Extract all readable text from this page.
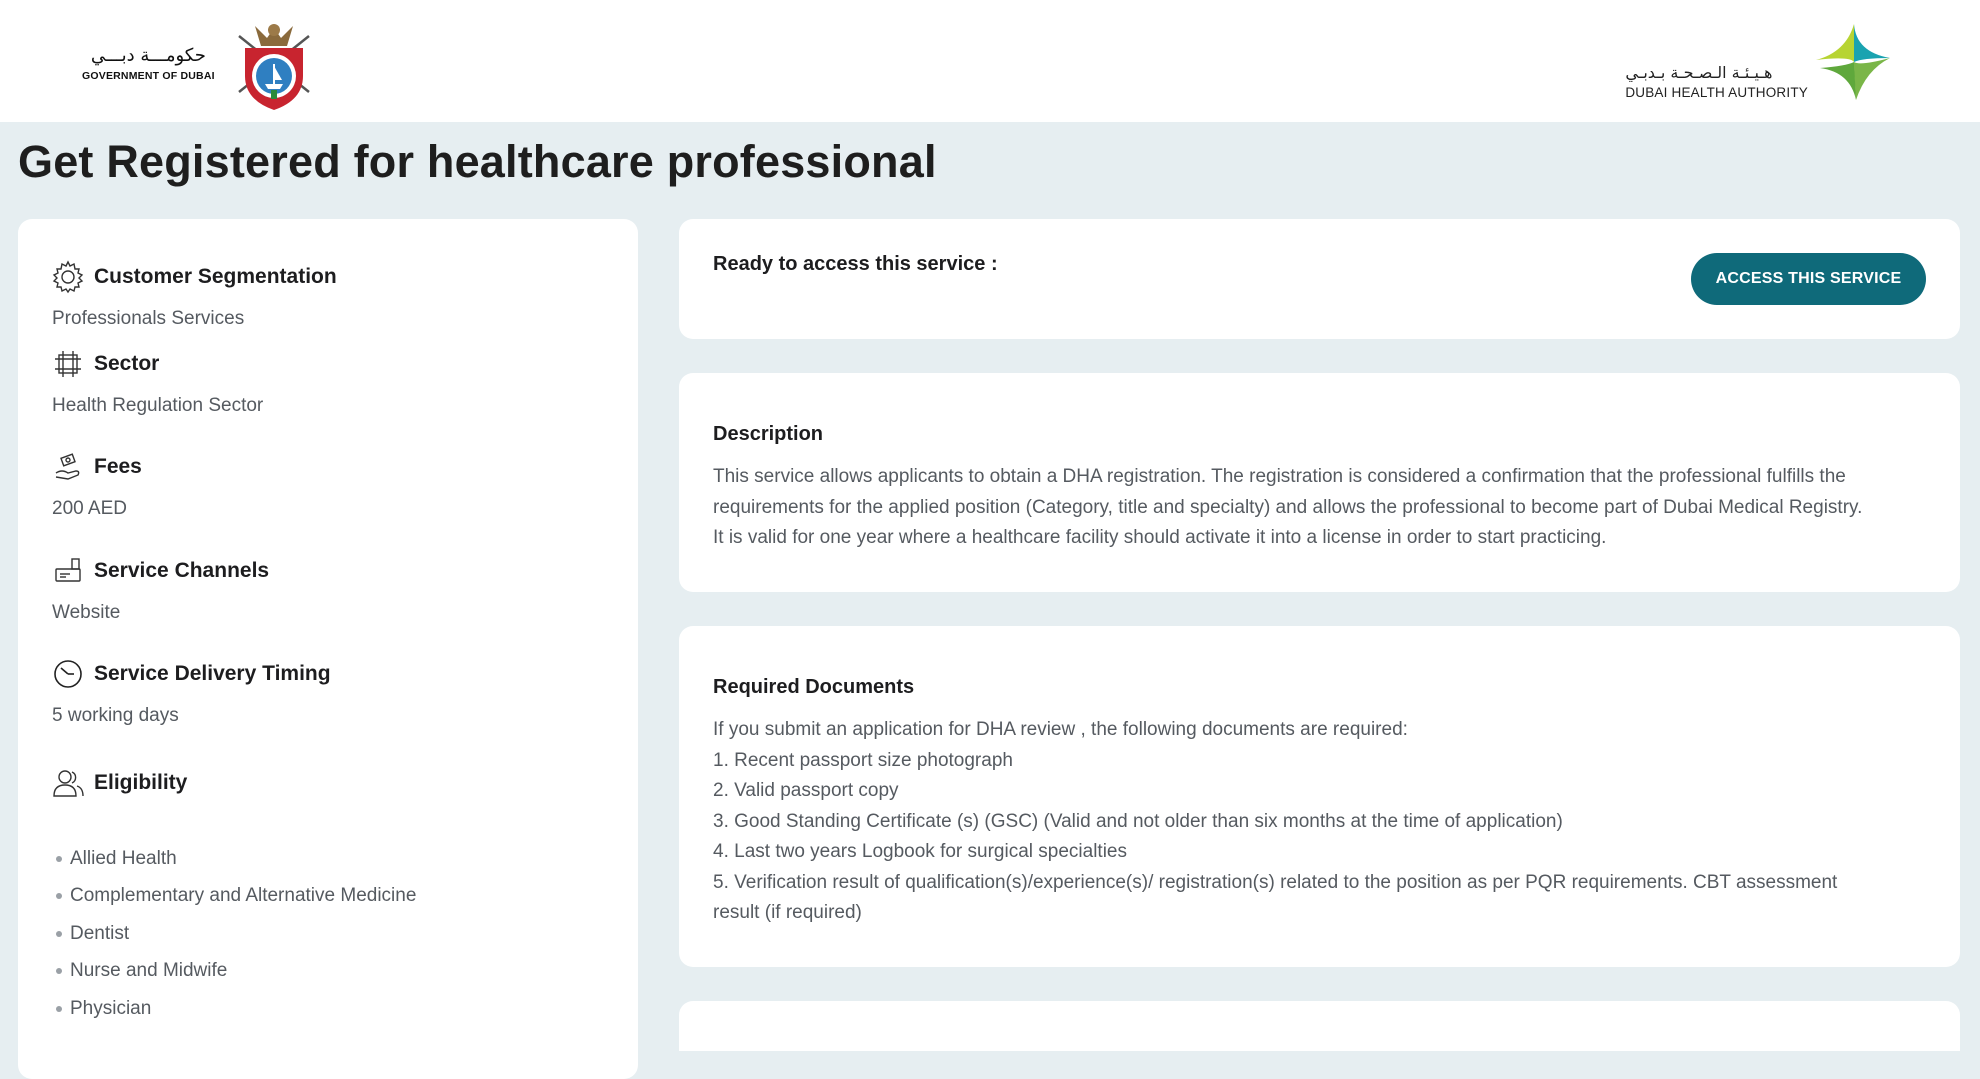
حكومـــة دبـــي
GOVERNMENT OF DUBAI	هـيـئـة الـصـحـة بـدبـي
DUBAI HEALTH AUTHORITY
Get Registered for healthcare professional
Customer Segmentation
Professionals Services
Sector
Health Regulation Sector
Fees
200 AED
Service Channels
Website
Service Delivery Timing
5 working days
Eligibility
Allied Health
Complementary and Alternative Medicine
Dentist
Nurse and Midwife
Physician
Ready to access this service :
ACCESS THIS SERVICE
Description
This service allows applicants to obtain a DHA registration. The registration is considered a confirmation that the professional fulfills the
requirements for the applied position (Category, title and specialty) and allows the professional to become part of Dubai Medical Registry.
It is valid for one year where a healthcare facility should activate it into a license in order to start practicing.
Required Documents
If you submit an application for DHA review , the following documents are required:
1. Recent passport size photograph
2. Valid passport copy
3. Good Standing Certificate (s) (GSC) (Valid and not older than six months at the time of application)
4. Last two years Logbook for surgical specialties
5. Verification result of qualification(s)/experience(s)/ registration(s) related to the position as per PQR requirements. CBT assessment
result (if required)
